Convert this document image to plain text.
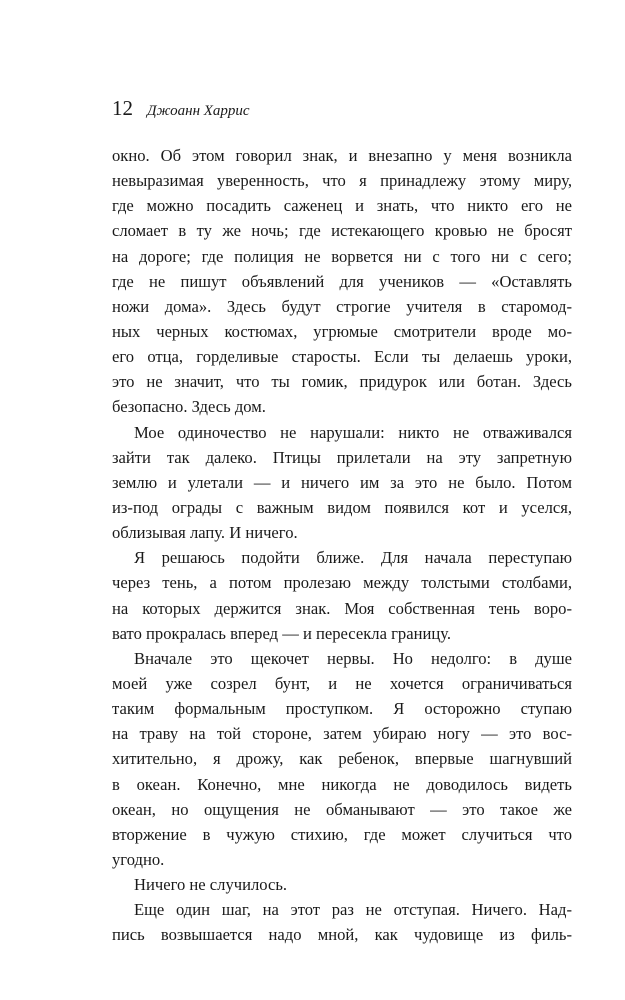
12 Джоанн Харрис
окно. Об этом говорил знак, и внезапно у меня возникла
невыразимая уверенность, что я принадлежу этому миру,
где можно посадить саженец и знать, что никто его не
сломает в ту же ночь; где истекающего кровью не бросят
на дороге; где полиция не ворвется ни с того ни с сего;
где не пишут объявлений для учеников — «Оставлять
ножи дома». Здесь будут строгие учителя в старомод-
ных черных костюмах, угрюмые смотрители вроде мо-
его отца, горделивые старосты. Если ты делаешь уроки,
это не значит, что ты гомик, придурок или ботан. Здесь
безопасно. Здесь дом.
Мое одиночество не нарушали: никто не отваживался
зайти так далеко. Птицы прилетали на эту запретную
землю и улетали — и ничего им за это не было. Потом
из-под ограды с важным видом появился кот и уселся,
облизывая лапу. И ничего.
Я решаюсь подойти ближе. Для начала переступаю
через тень, а потом пролезаю между толстыми столбами,
на которых держится знак. Моя собственная тень воро-
вато прокралась вперед — и пересекла границу.
Вначале это щекочет нервы. Но недолго: в душе
моей уже созрел бунт, и не хочется ограничиваться
таким формальным проступком. Я осторожно ступаю
на траву на той стороне, затем убираю ногу — это вос-
хитительно, я дрожу, как ребенок, впервые шагнувший
в океан. Конечно, мне никогда не доводилось видеть
океан, но ощущения не обманывают — это такое же
вторжение в чужую стихию, где может случиться что
угодно.
Ничего не случилось.
Еще один шаг, на этот раз не отступая. Ничего. Над-
пись возвышается надо мной, как чудовище из филь-
